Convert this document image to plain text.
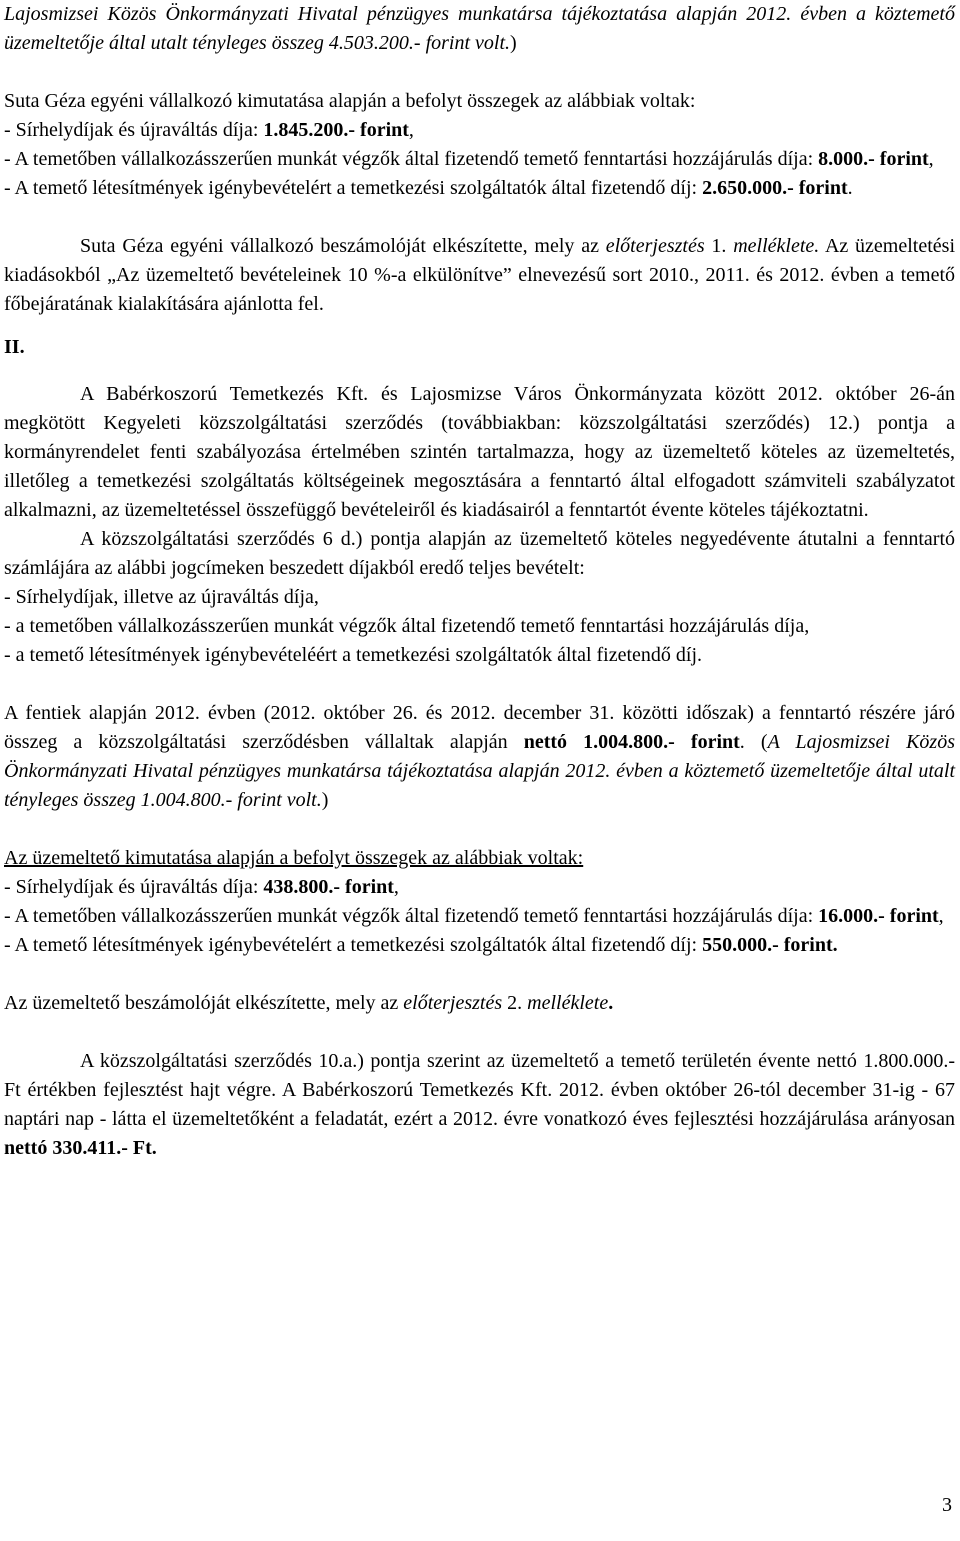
Lajosmizsei Közös Önkormányzati Hivatal pénzügyes munkatársa tájékoztatása alapján 2012. évben a köztemető üzemeltetője által utalt tényleges összeg 4.503.200.- forint volt.)

Suta Géza egyéni vállalkozó kimutatása alapján a befolyt összegek az alábbiak voltak:

- Sírhelydíjak és újraváltás díja: 1.845.200.- forint,

- A temetőben vállalkozásszerűen munkát végzők által fizetendő temető fenntartási hozzájárulás díja: 8.000.- forint,

- A temető létesítmények igénybevételért a temetkezési szolgáltatók által fizetendő díj: 2.650.000.- forint.

Suta Géza egyéni vállalkozó beszámolóját elkészítette, mely az előterjesztés 1. melléklete. Az üzemeltetési kiadásokból „Az üzemeltető bevételeinek 10 %-a elkülönítve” elnevezésű sort 2010., 2011. és 2012. évben a temető főbejáratának kialakítására ajánlotta fel.

II.

A Babérkoszorú Temetkezés Kft. és Lajosmizse Város Önkormányzata között 2012. október 26-án megkötött Kegyeleti közszolgáltatási szerződés (továbbiakban: közszolgáltatási szerződés) 12.) pontja a kormányrendelet fenti szabályozása értelmében szintén tartalmazza, hogy az üzemeltető köteles az üzemeltetés, illetőleg a temetkezési szolgáltatás költségeinek megosztására a fenntartó által elfogadott számviteli szabályzatot alkalmazni, az üzemeltetéssel összefüggő bevételeiről és kiadásairól a fenntartót évente köteles tájékoztatni.

A közszolgáltatási szerződés 6 d.) pontja alapján az üzemeltető köteles negyedévente átutalni a fenntartó számlájára az alábbi jogcímeken beszedett díjakból eredő teljes bevételt:

- Sírhelydíjak, illetve az újraváltás díja,

- a temetőben vállalkozásszerűen munkát végzők által fizetendő temető fenntartási hozzájárulás díja,

- a temető létesítmények igénybevételéért a temetkezési szolgáltatók által fizetendő díj.

A fentiek alapján 2012. évben (2012. október 26. és 2012. december 31. közötti időszak) a fenntartó részére járó összeg a közszolgáltatási szerződésben vállaltak alapján nettó 1.004.800.- forint. (A Lajosmizsei Közös Önkormányzati Hivatal pénzügyes munkatársa tájékoztatása alapján 2012. évben a köztemető üzemeltetője által utalt tényleges összeg 1.004.800.- forint volt.)

Az üzemeltető kimutatása alapján a befolyt összegek az alábbiak voltak:

- Sírhelydíjak és újraváltás díja: 438.800.- forint,

- A temetőben vállalkozásszerűen munkát végzők által fizetendő temető fenntartási hozzájárulás díja: 16.000.- forint,

- A temető létesítmények igénybevételért a temetkezési szolgáltatók által fizetendő díj: 550.000.- forint.

Az üzemeltető beszámolóját elkészítette, mely az előterjesztés 2. melléklete.

A közszolgáltatási szerződés 10.a.) pontja szerint az üzemeltető a temető területén évente nettó 1.800.000.- Ft értékben fejlesztést hajt végre. A Babérkoszorú Temetkezés Kft. 2012. évben október 26-tól december 31-ig - 67 naptári nap - látta el üzemeltetőként a feladatát, ezért a 2012. évre vonatkozó éves fejlesztési hozzájárulása arányosan nettó 330.411.- Ft.

3
